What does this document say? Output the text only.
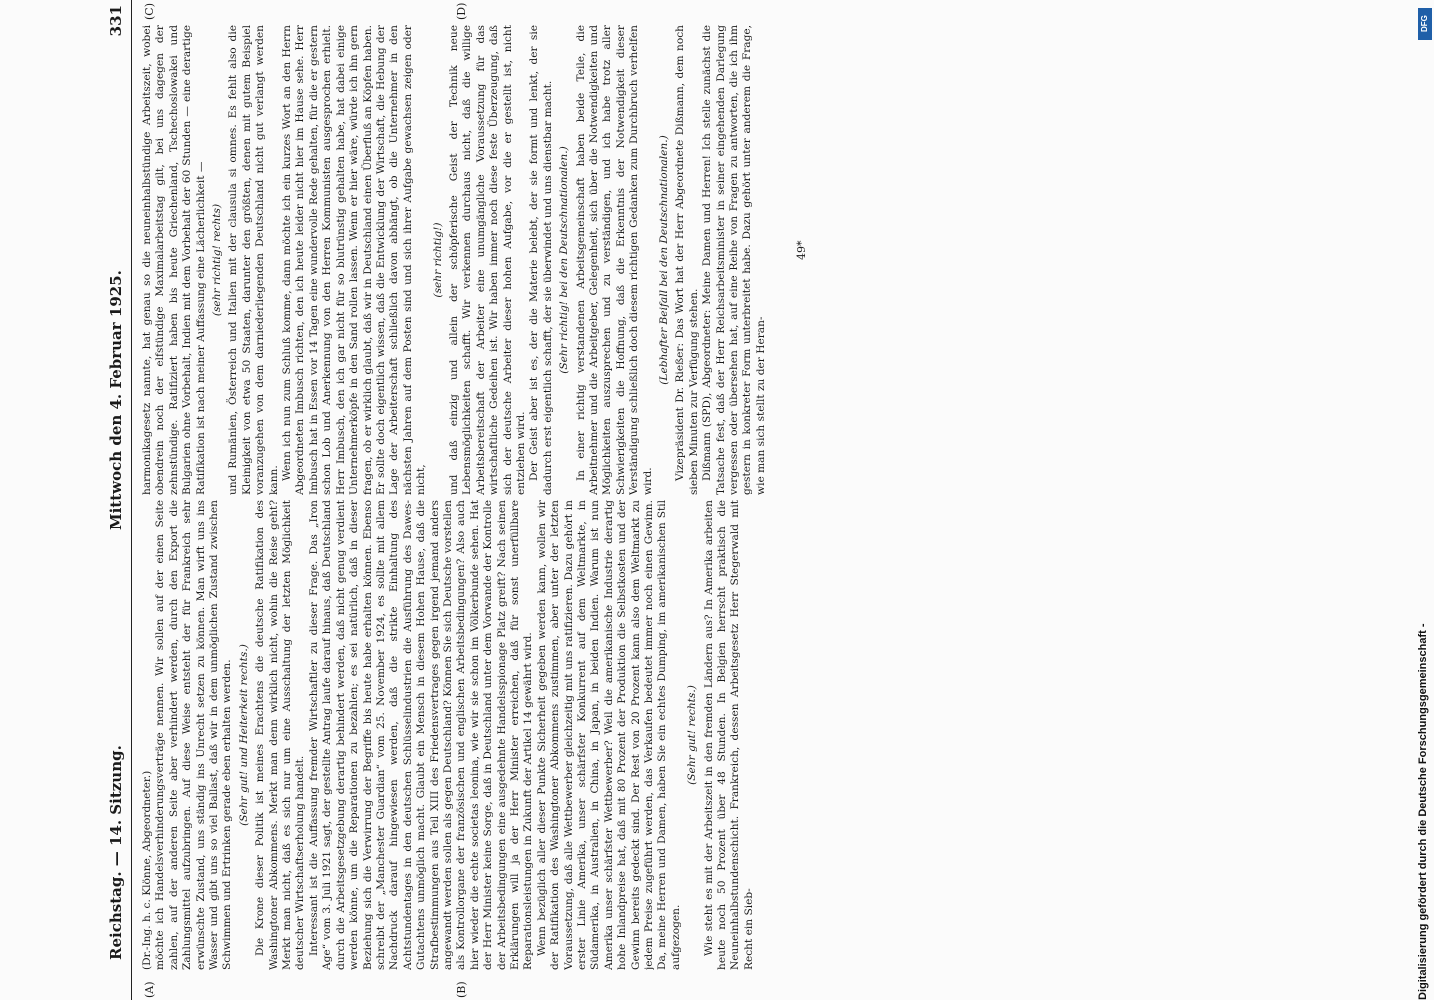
Reichstag. — 14. Sitzung.
Mittwoch den 4. Februar 1925.
331
(A)	(B)
(C)	(D)

(Dr.-Ing. h. c. Klönne, Abgeordneter.) möchte ich Handelsverhinderungsverträge nennen. Wir sollen auf der einen Seite zahlen, auf der anderen Seite aber verhindert werden, durch den Export die Zahlungsmittel aufzubringen. Auf diese Weise entsteht der für Frankreich sehr erwünschte Zustand, uns ständig ins Unrecht setzen zu können. Man wirft uns ins Wasser und gibt uns so viel Ballast, daß wir in dem unmöglichen Zustand zwischen Schwimmen und Ertrinken gerade eben erhalten werden. (Sehr gut! und Heiterkeit rechts.) Die Krone dieser Politik ist meines Erachtens die deutsche Ratifikation des Washingtoner Abkommens. Merkt man denn wirklich nicht, wohin die Reise geht? Merkt man nicht, daß es sich nur um eine Ausschaltung der letzten Möglichkeit deutscher Wirtschaftserholung handelt. Interessant ist die Auffassung fremder Wirtschaftler zu dieser Frage. Das „Iron Age“ vom 3. Juli 1921 sagt, der gestellte Antrag laufe darauf hinaus, daß Deutschland durch die Arbeitsgesetzgebung derartig behindert werden, daß nicht genug verdient werden könne, um die Reparationen zu bezahlen; es sei natürlich, daß in dieser Beziehung sich die Verwirrung der Begriffe bis heute habe erhalten können. Ebenso schreibt der „Manchester Guardian“ vom 25. November 1924, es sollte mit allem Nachdruck darauf hingewiesen werden, daß die strikte Einhaltung des Achtstundentages in den deutschen Schlüsselindustrien die Ausführung des Dawes-Gutachtens unmöglich macht. Glaubt ein Mensch in diesem Hohen Hause, daß die Strafbestimmungen aus Teil XIII des Friedensvertrages gegen irgend jemand anders angewandt werden sollen als gegen Deutschland? Können Sie sich Deutsche vorstellen als Kontrollorgane der französischen und englischen Arbeitsbedingungen? Also auch hier wieder die echte societas leonina, wie wir sie schon im Völkerbunde sehen. Hat der Herr Minister keine Sorge, daß in Deutschland unter dem Vorwande der Kontrolle der Arbeitsbedingungen eine ausgedehnte Handelsspionage Platz greift? Nach seinen Erklärungen will ja der Herr Minister erreichen, daß für sonst unerfüllbare Reparationsleistungen in Zukunft der Artikel 14 gewährt wird. Wenn bezüglich aller dieser Punkte Sicherheit gegeben werden kann, wollen wir der Ratifikation des Washingtoner Abkommens zustimmen, aber unter der letzten Voraussetzung, daß alle Wettbewerber gleichzeitig mit uns ratifizieren. Dazu gehört in erster Linie Amerika, unser schärfster Konkurrent auf dem Weltmarkte, in Südamerika, in Australien, in China, in Japan, in beiden Indien. Warum ist nun Amerika unser schärfster Wettbewerber? Weil die amerikanische Industrie derartig hohe Inlandpreise hat, daß mit 80 Prozent der Produktion die Selbstkosten und der Gewinn bereits gedeckt sind. Der Rest von 20 Prozent kann also dem Weltmarkt zu jedem Preise zugeführt werden, das Verkaufen bedeutet immer noch einen Gewinn. Da, meine Herren und Damen, haben Sie ein echtes Dumping, im amerikanischen Stil aufgezogen.

(Sehr gut! rechts.) Wie steht es mit der Arbeitszeit in den fremden Ländern aus? In Amerika arbeiten heute noch 50 Prozent über 48 Stunden. In Belgien herrscht praktisch die Neuneinhalbstundenschicht. Frankreich, dessen Arbeitsgesetz Herr Stegerwald mit Recht ein Sieb-

harmonikagesetz nannte, hat genau so die neuneinhalbstündige Arbeitszeit, wobei obendrein noch der elfstündige Maximalarbeitstag gilt, bei uns dagegen der zehnstündige. Ratifiziert haben bis heute Griechenland, Tschechoslowakei und Bulgarien ohne Vorbehalt, Indien mit dem Vorbehalt der 60 Stunden — eine derartige Ratifikation ist nach meiner Auffassung eine Lächerlichkeit — (sehr richtig! rechts) und Rumänien, Österreich und Italien mit der clausula si omnes. Es fehlt also die Kleinigkeit von etwa 50 Staaten, darunter den größten, denen mit gutem Beispiel voranzugehen von dem darniederliegenden Deutschland nicht gut verlangt werden kann. Wenn ich nun zum Schluß komme, dann möchte ich ein kurzes Wort an den Herrn Abgeordneten Imbusch richten, den ich heute leider nicht hier im Hause sehe. Herr Imbusch hat in Essen vor 14 Tagen eine wundervolle Rede gehalten, für die er gestern schon Lob und Anerkennung von den Herren Kommunisten ausgesprochen erhielt. Herr Imbusch, den ich gar nicht für so blutrünstig gehalten habe, hat dabei einige Unternehmerköpfe in den Sand rollen lassen. Wenn er hier wäre, würde ich ihn gern fragen, ob er wirklich glaubt, daß wir in Deutschland einen Überfluß an Köpfen haben. Er sollte doch eigentlich wissen, daß die Entwicklung der Wirtschaft, die Hebung der Lage der Arbeiterschaft schließlich davon abhängt, ob die Unternehmer in den nächsten Jahren auf dem Posten sind und sich ihrer Aufgabe gewachsen zeigen oder nicht,

(sehr richtig!) und daß einzig und allein der schöpferische Geist der Technik neue Lebensmöglichkeiten schafft. Wir verkennen durchaus nicht, daß die willige Arbeitsbereitschaft der Arbeiter eine unumgängliche Voraussetzung für das wirtschaftliche Gedeihen ist. Wir haben immer noch diese feste Überzeugung, daß sich der deutsche Arbeiter dieser hohen Aufgabe, vor die er gestellt ist, nicht entziehen wird. Der Geist aber ist es, der die Materie belebt, der sie formt und lenkt, der sie dadurch erst eigentlich schafft, der sie überwindet und uns dienstbar macht. (Sehr richtig! bei den Deutschnationalen.) In einer richtig verstandenen Arbeitsgemeinschaft haben beide Teile, die Arbeitnehmer und die Arbeitgeber, Gelegenheit, sich über die Notwendigkeiten und Möglichkeiten auszusprechen und zu verständigen, und ich habe trotz aller Schwierigkeiten die Hoffnung, daß die Erkenntnis der Notwendigkeit dieser Verständigung schließlich doch diesem richtigen Gedanken zum Durchbruch verhelfen wird.

(Lebhafter Beifall bei den Deutschnationalen.) Vizepräsident Dr. Rießer: Das Wort hat der Herr Abgeordnete Dißmann, dem noch sieben Minuten zur Verfügung stehen. Dißmann (SPD), Abgeordneter: Meine Damen und Herren! Ich stelle zunächst die Tatsache fest, daß der Herr Reichsarbeitsminister in seiner eingehenden Darlegung vergessen oder übersehen hat, auf eine Reihe von Fragen zu antworten, die ich ihm gestern in konkreter Form unterbreitet habe. Dazu gehört unter anderem die Frage, wie man sich stellt zu der Heran-

49*
Digitalisierung gefördert durch die Deutsche Forschungsgemeinschaft -
DFG
